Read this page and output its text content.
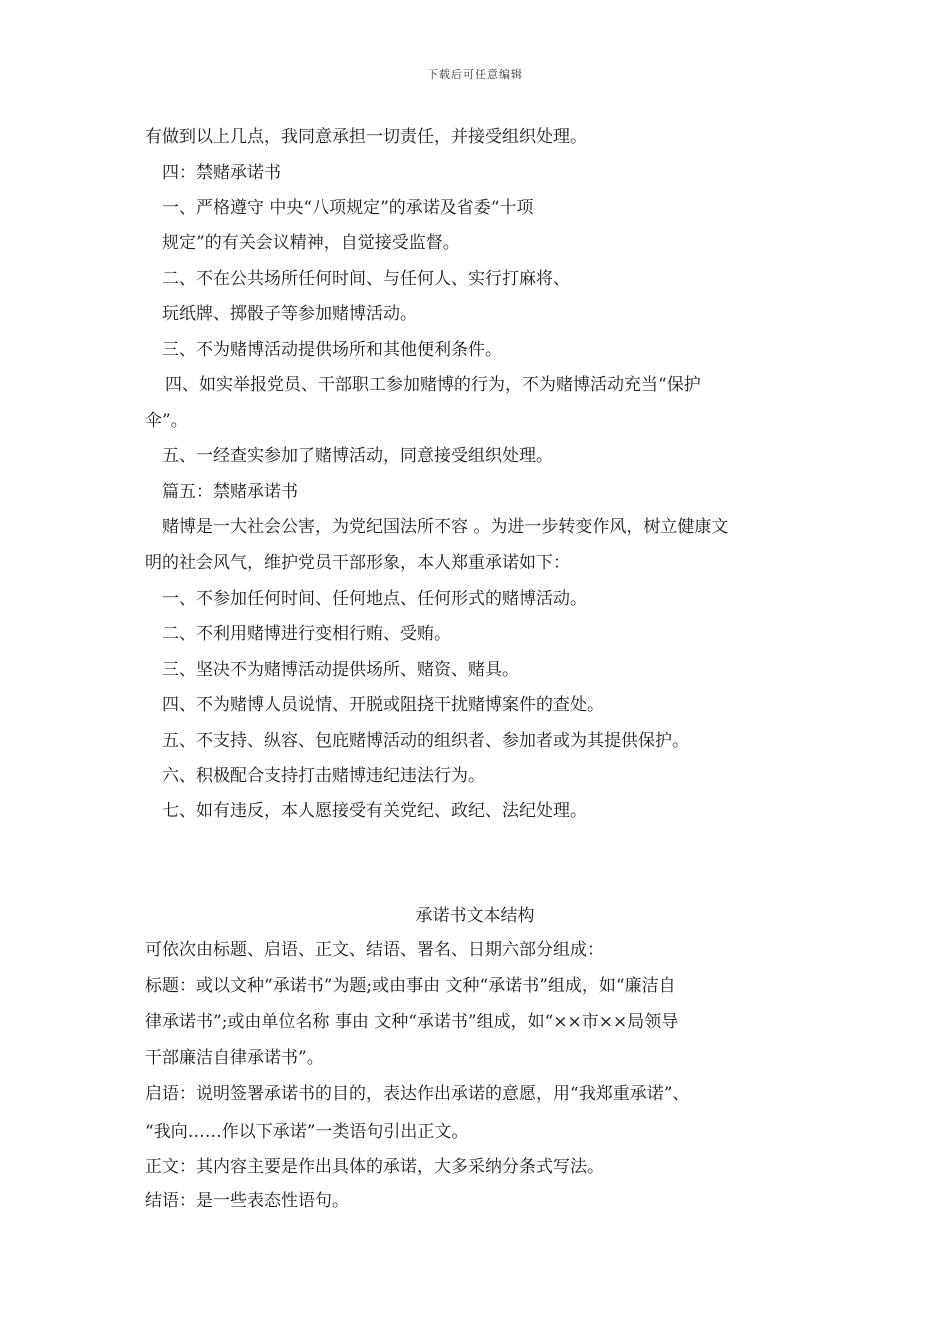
下载后可任意编辑
有做到以上几点，我同意承担一切责任，并接受组织处理。
四：禁赌承诺书
一、严格遵守 中央“八项规定”的承诺及省委“十项
规定”的有关会议精神，自觉接受监督。
二、不在公共场所任何时间、与任何人、实行打麻将、
玩纸牌、掷骰子等参加赌博活动。
三、不为赌博活动提供场所和其他便利条件。
四、如实举报党员、干部职工参加赌博的行为，不为赌博活动充当“保护
伞”。
五、一经查实参加了赌博活动，同意接受组织处理。
篇五：禁赌承诺书
赌博是一大社会公害，为党纪国法所不容 。为进一步转变作风，树立健康文
明的社会风气，维护党员干部形象，本人郑重承诺如下：
一、不参加任何时间、任何地点、任何形式的赌博活动。
二、不利用赌博进行变相行贿、受贿。
三、坚决不为赌博活动提供场所、赌资、赌具。
四、不为赌博人员说情、开脱或阻挠干扰赌博案件的查处。
五、不支持、纵容、包庇赌博活动的组织者、参加者或为其提供保护。
六、积极配合支持打击赌博违纪违法行为。
七、如有违反，本人愿接受有关党纪、政纪、法纪处理。
承诺书文本结构
可依次由标题、启语、正文、结语、署名、日期六部分组成：
标题：或以文种“承诺书”为题;或由事由 文种“承诺书”组成，如“廉洁自
律承诺书”;或由单位名称 事由 文种“承诺书”组成，如“××市××局领导
干部廉洁自律承诺书”。
启语：说明签署承诺书的目的，表达作出承诺的意愿，用“我郑重承诺”、
“我向……作以下承诺”一类语句引出正文。
正文：其内容主要是作出具体的承诺，大多采纳分条式写法。
结语：是一些表态性语句。
